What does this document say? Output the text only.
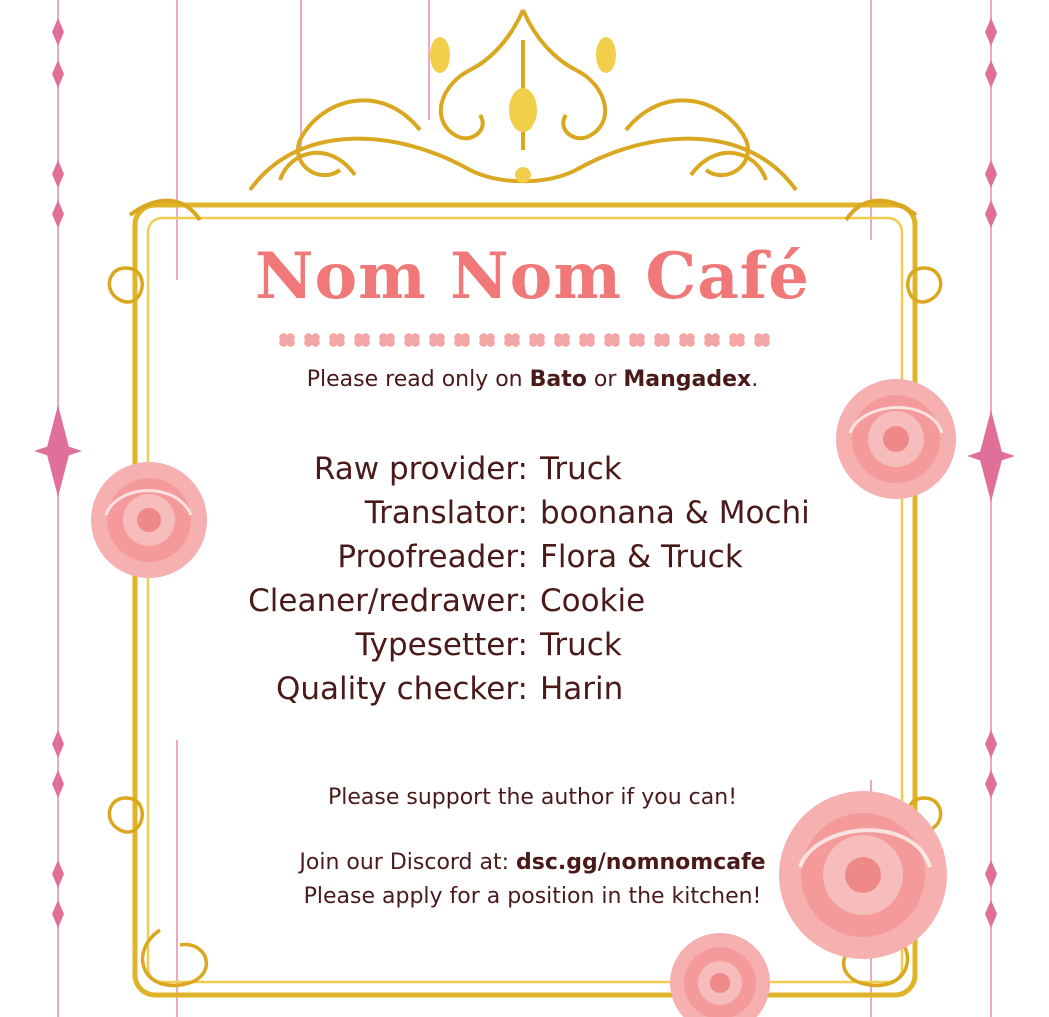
Nom Nom Café
Please read only on Bato or Mangadex.
Raw provider: Truck
Translator: boonana & Mochi
Proofreader: Flora & Truck
Cleaner/redrawer: Cookie
Typesetter: Truck
Quality checker: Harin
Please support the author if you can!
Join our Discord at: dsc.gg/nomnomcafe
Please apply for a position in the kitchen!
